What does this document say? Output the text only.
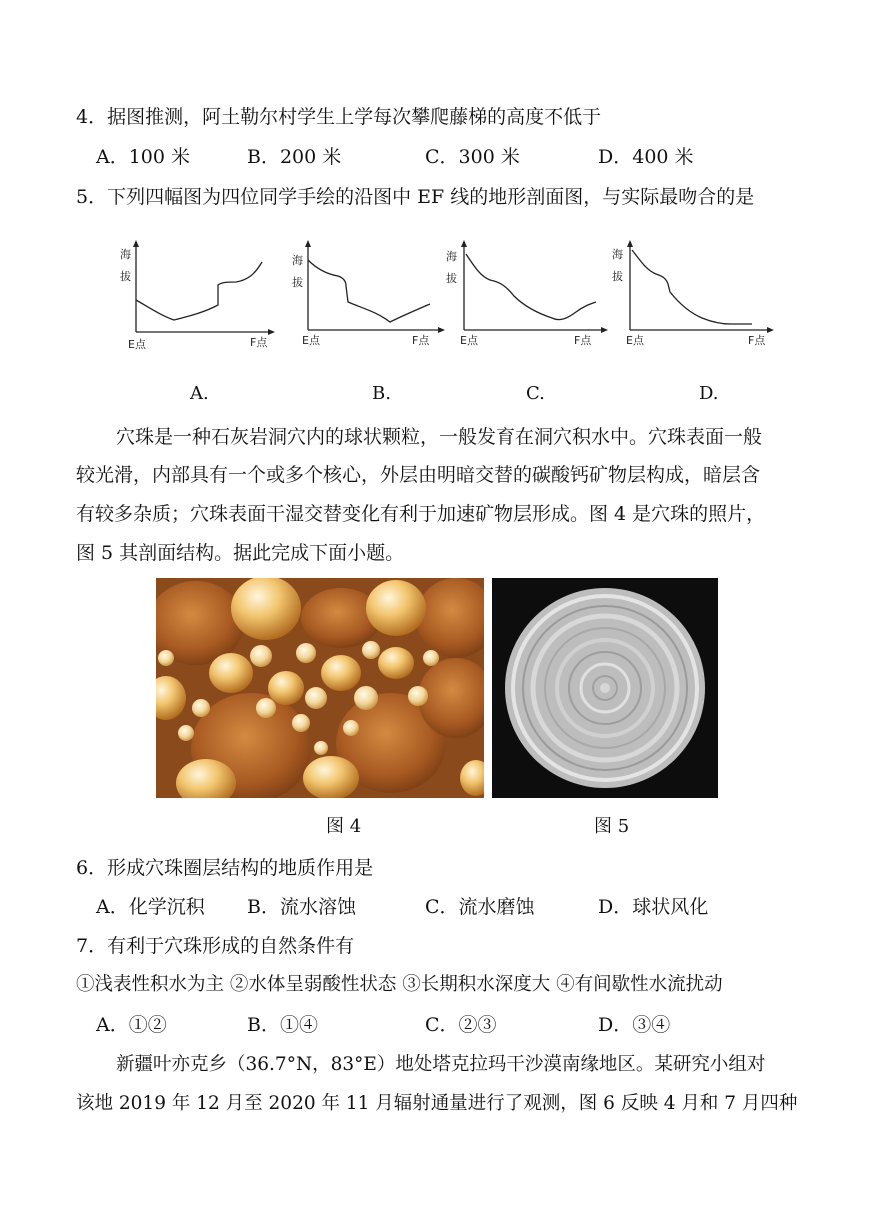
4．据图推测，阿土勒尔村学生上学每次攀爬藤梯的高度不低于
A．100 米	B．200 米	C．300 米	D．400 米
5．下列四幅图为四位同学手绘的沿图中 EF 线的地形剖面图，与实际最吻合的是
海
拔
E点	F点
海
拔
E点	F点
海
拔
E点	F点
海
拔
E点	F点
A.	B.	C.	D.
穴珠是一种石灰岩洞穴内的球状颗粒，一般发育在洞穴积水中。穴珠表面一般
较光滑，内部具有一个或多个核心，外层由明暗交替的碳酸钙矿物层构成，暗层含
有较多杂质；穴珠表面干湿交替变化有利于加速矿物层形成。图 4 是穴珠的照片，
图 5 其剖面结构。据此完成下面小题。
图 4	图 5
6．形成穴珠圈层结构的地质作用是
A．化学沉积 B．流水溶蚀	C．流水磨蚀	D．球状风化
7．有利于穴珠形成的自然条件有
①浅表性积水为主 ②水体呈弱酸性状态 ③长期积水深度大 ④有间歇性水流扰动
A．①②	B．①④	C．②③	D．③④
新疆叶亦克乡（36.7°N，83°E）地处塔克拉玛干沙漠南缘地区。某研究小组对
该地 2019 年 12 月至 2020 年 11 月辐射通量进行了观测，图 6 反映 4 月和 7 月四种
